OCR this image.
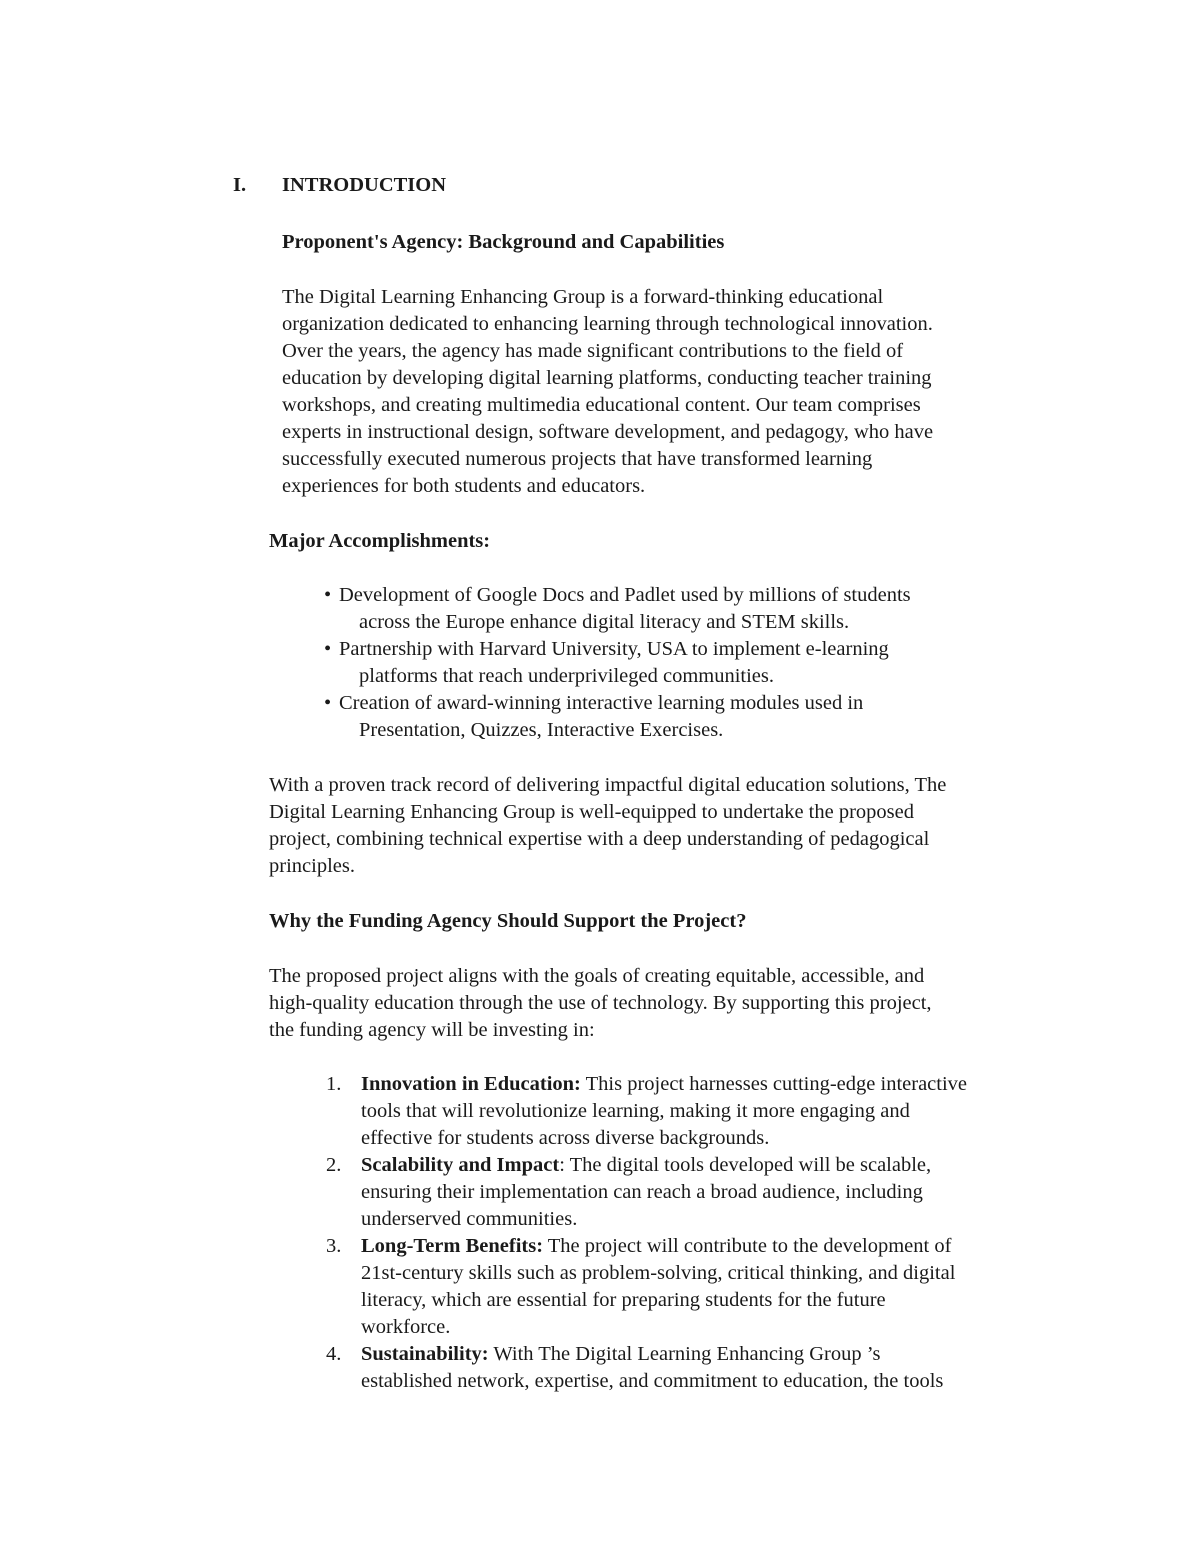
I. INTRODUCTION
Proponent's Agency: Background and Capabilities
The Digital Learning Enhancing Group is a forward-thinking educational
organization dedicated to enhancing learning through technological innovation.
Over the years, the agency has made significant contributions to the field of
education by developing digital learning platforms, conducting teacher training
workshops, and creating multimedia educational content. Our team comprises
experts in instructional design, software development, and pedagogy, who have
successfully executed numerous projects that have transformed learning
experiences for both students and educators.
Major Accomplishments:
• Development of Google Docs and Padlet used by millions of students
across the Europe enhance digital literacy and STEM skills.
• Partnership with Harvard University, USA to implement e-learning
platforms that reach underprivileged communities.
• Creation of award-winning interactive learning modules used in
Presentation, Quizzes, Interactive Exercises.
With a proven track record of delivering impactful digital education solutions, The
Digital Learning Enhancing Group is well-equipped to undertake the proposed
project, combining technical expertise with a deep understanding of pedagogical
principles.
Why the Funding Agency Should Support the Project?
The proposed project aligns with the goals of creating equitable, accessible, and
high-quality education through the use of technology. By supporting this project,
the funding agency will be investing in:
1. Innovation in Education: This project harnesses cutting-edge interactive
tools that will revolutionize learning, making it more engaging and
effective for students across diverse backgrounds.
2. Scalability and Impact: The digital tools developed will be scalable,
ensuring their implementation can reach a broad audience, including
underserved communities.
3. Long-Term Benefits: The project will contribute to the development of
21st-century skills such as problem-solving, critical thinking, and digital
literacy, which are essential for preparing students for the future
workforce.
4. Sustainability: With The Digital Learning Enhancing Group ’s
established network, expertise, and commitment to education, the tools
